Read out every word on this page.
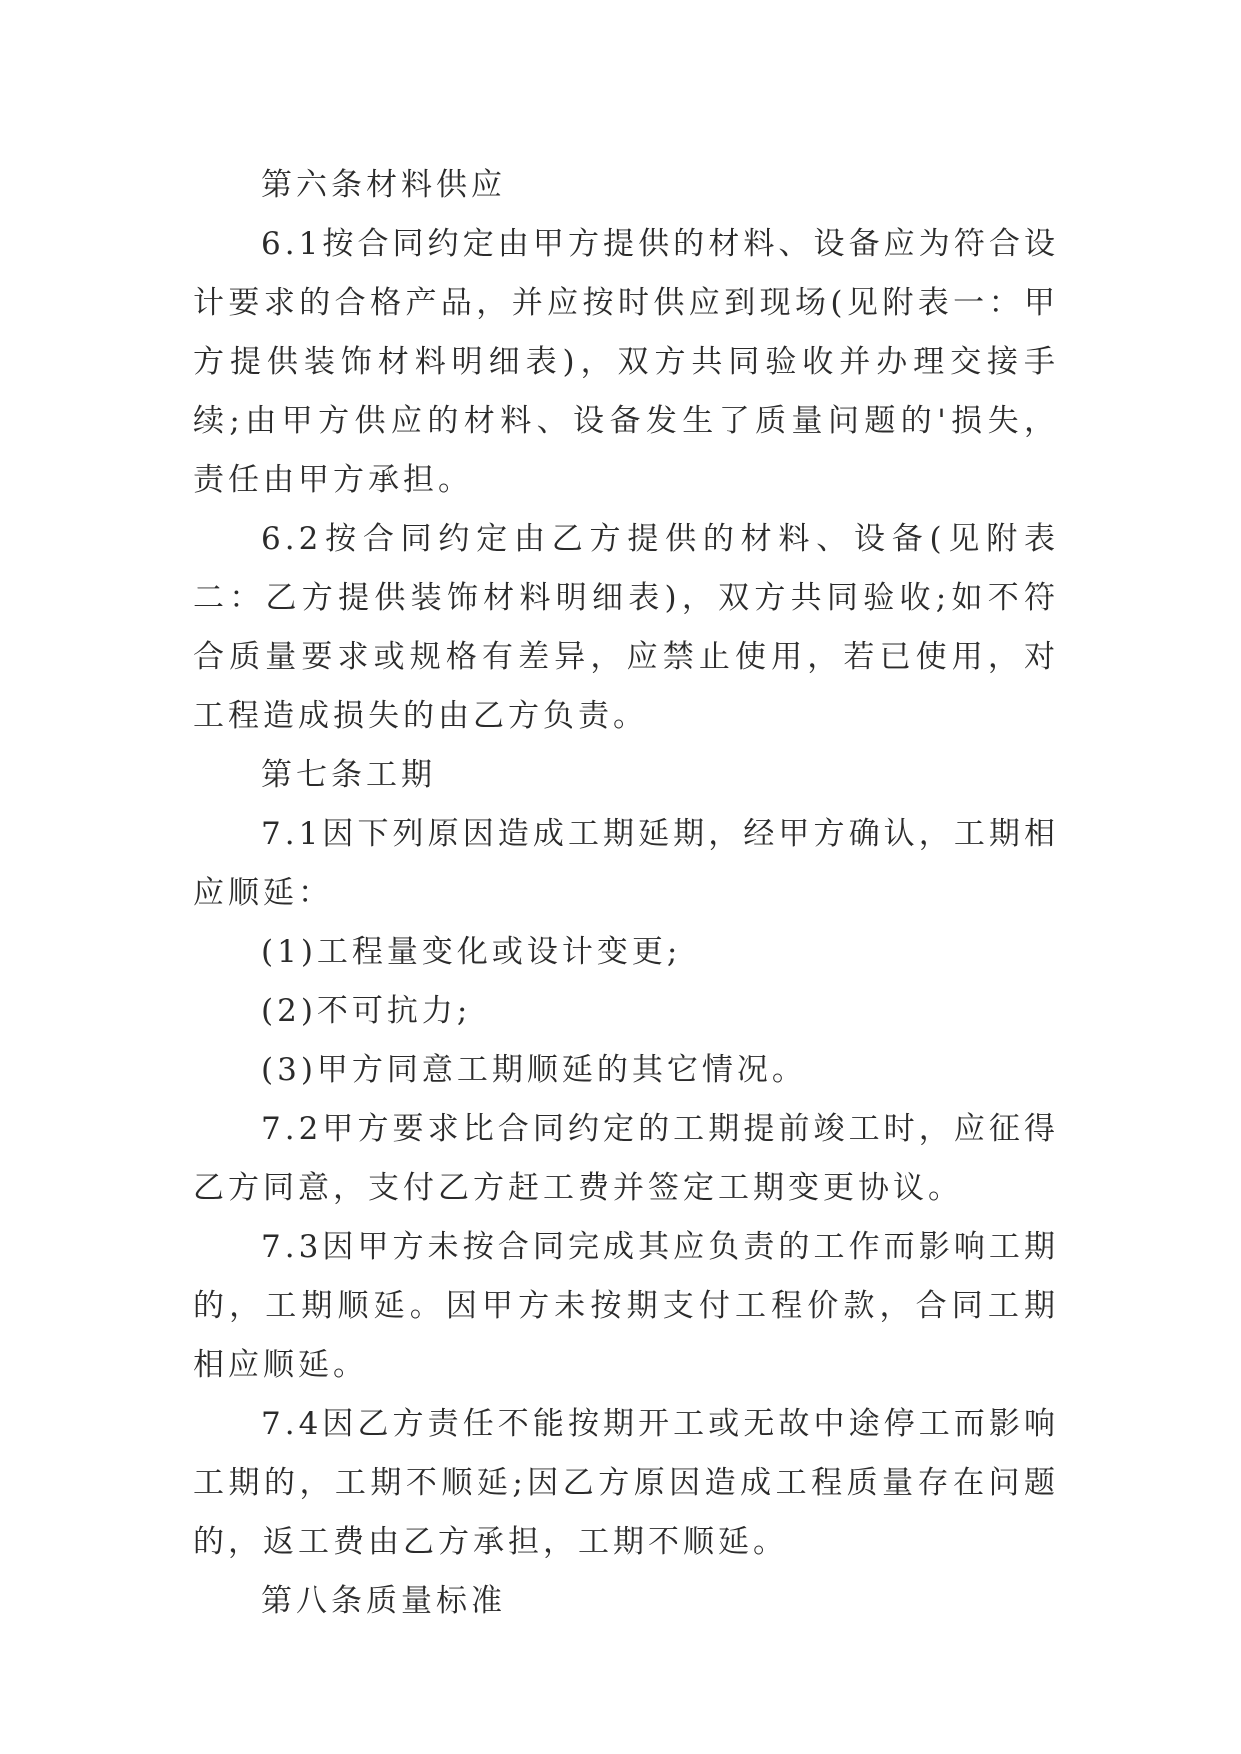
第六条材料供应

6.1按合同约定由甲方提供的材料、设备应为符合设计要求的合格产品，并应按时供应到现场(见附表一：甲方提供装饰材料明细表)，双方共同验收并办理交接手续;由甲方供应的材料、设备发生了质量问题的'损失，责任由甲方承担。

6.2按合同约定由乙方提供的材料、设备(见附表二：乙方提供装饰材料明细表)，双方共同验收;如不符合质量要求或规格有差异，应禁止使用，若已使用，对工程造成损失的由乙方负责。

第七条工期

7.1因下列原因造成工期延期，经甲方确认，工期相应顺延：

(1)工程量变化或设计变更;

(2)不可抗力;

(3)甲方同意工期顺延的其它情况。

7.2甲方要求比合同约定的工期提前竣工时，应征得乙方同意，支付乙方赶工费并签定工期变更协议。

7.3因甲方未按合同完成其应负责的工作而影响工期的，工期顺延。因甲方未按期支付工程价款，合同工期相应顺延。

7.4因乙方责任不能按期开工或无故中途停工而影响工期的，工期不顺延;因乙方原因造成工程质量存在问题的，返工费由乙方承担，工期不顺延。

第八条质量标准
